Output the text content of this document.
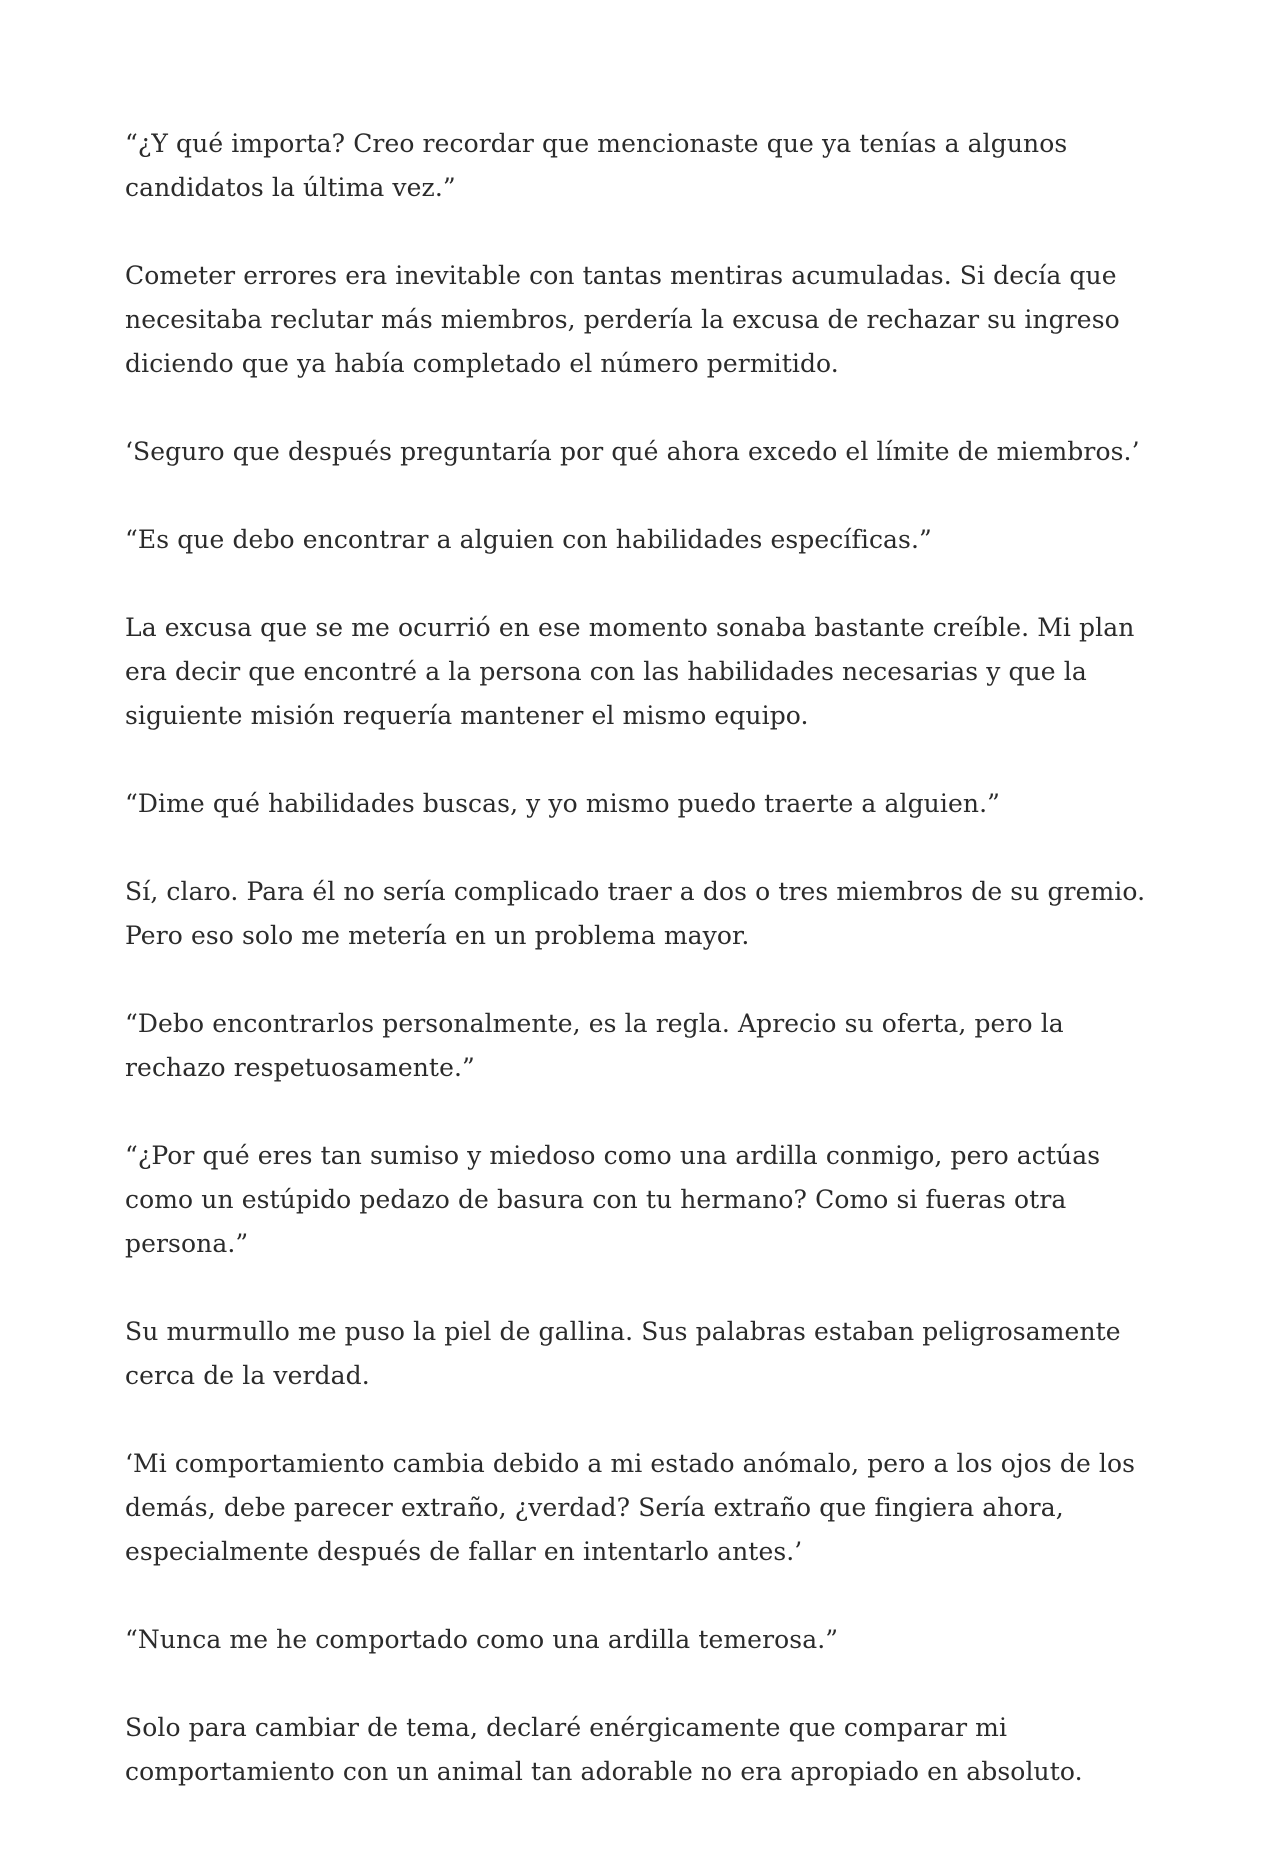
“¿Y qué importa? Creo recordar que mencionaste que ya tenías a algunos candidatos la última vez.”

Cometer errores era inevitable con tantas mentiras acumuladas. Si decía que necesitaba reclutar más miembros, perdería la excusa de rechazar su ingreso diciendo que ya había completado el número permitido.

‘Seguro que después preguntaría por qué ahora excedo el límite de miembros.’

“Es que debo encontrar a alguien con habilidades específicas.”

La excusa que se me ocurrió en ese momento sonaba bastante creíble. Mi plan era decir que encontré a la persona con las habilidades necesarias y que la siguiente misión requería mantener el mismo equipo.

“Dime qué habilidades buscas, y yo mismo puedo traerte a alguien.”

Sí, claro. Para él no sería complicado traer a dos o tres miembros de su gremio. Pero eso solo me metería en un problema mayor.

“Debo encontrarlos personalmente, es la regla. Aprecio su oferta, pero la rechazo respetuosamente.”

“¿Por qué eres tan sumiso y miedoso como una ardilla conmigo, pero actúas como un estúpido pedazo de basura con tu hermano? Como si fueras otra persona.”

Su murmullo me puso la piel de gallina. Sus palabras estaban peligrosamente cerca de la verdad.

‘Mi comportamiento cambia debido a mi estado anómalo, pero a los ojos de los demás, debe parecer extraño, ¿verdad? Sería extraño que fingiera ahora, especialmente después de fallar en intentarlo antes.’

“Nunca me he comportado como una ardilla temerosa.”

Solo para cambiar de tema, declaré enérgicamente que comparar mi  comportamiento con un animal tan adorable no era apropiado en absoluto.
